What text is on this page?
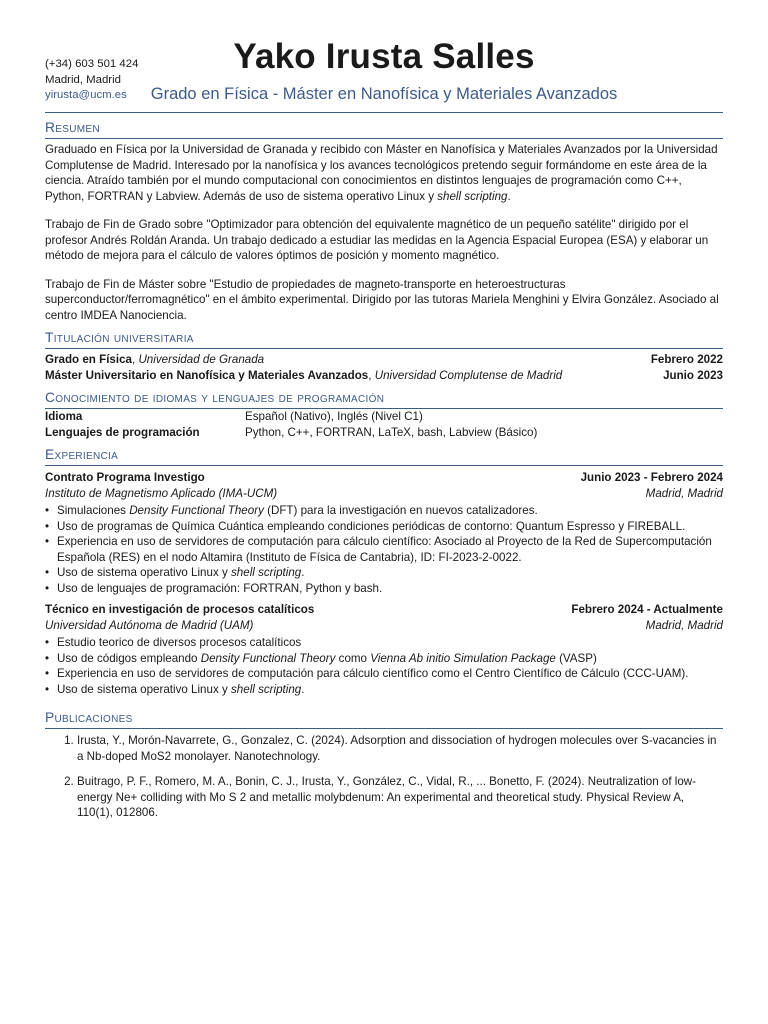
(+34) 603 501 424
Madrid, Madrid
yirusta@ucm.es
Yako Irusta Salles
Grado en Física - Máster en Nanofísica y Materiales Avanzados
Resumen

Graduado en Física por la Universidad de Granada y recibido con Máster en Nanofísica y Materiales Avanzados por la Universidad Complutense de Madrid. Interesado por la nanofísica y los avances tecnológicos pretendo seguir formándome en este área de la ciencia. Atraído también por el mundo computacional con conocimientos en distintos lenguajes de programación como C++, Python, FORTRAN y Labview. Además de uso de sistema operativo Linux y shell scripting.

Trabajo de Fin de Grado sobre "Optimizador para obtención del equivalente magnético de un pequeño satélite" dirigido por el profesor Andrés Roldán Aranda. Un trabajo dedicado a estudiar las medidas en la Agencia Espacial Europea (ESA) y elaborar un método de mejora para el cálculo de valores óptimos de posición y momento magnético.

Trabajo de Fin de Máster sobre "Estudio de propiedades de magneto-transporte en heteroestructuras superconductor/ferromagnético" en el ámbito experimental. Dirigido por las tutoras Mariela Menghini y Elvira González. Asociado al centro IMDEA Nanociencia.

Titulación universitaria
Grado en Física, Universidad de Granada	Febrero 2022
Máster Universitario en Nanofísica y Materiales Avanzados, Universidad Complutense de Madrid	Junio 2023
Conocimiento de idiomas y lenguajes de programación
Idioma	Español (Nativo), Inglés (Nivel C1)
Lenguajes de programación	Python, C++, FORTRAN, LaTeX, bash, Labview (Básico)
Experiencia
Contrato Programa Investigo	Junio 2023 - Febrero 2024
Instituto de Magnetismo Aplicado (IMA-UCM)	Madrid, Madrid
• Simulaciones Density Functional Theory (DFT) para la investigación en nuevos catalizadores.
• Uso de programas de Química Cuántica empleando condiciones periódicas de contorno: Quantum Espresso y FIREBALL.
• Experiencia en uso de servidores de computación para cálculo científico: Asociado al Proyecto de la Red de Supercomputación Española (RES) en el nodo Altamira (Instituto de Física de Cantabria), ID: FI-2023-2-0022.
• Uso de sistema operativo Linux y shell scripting.
• Uso de lenguajes de programación: FORTRAN, Python y bash.
Técnico en investigación de procesos catalíticos	Febrero 2024 - Actualmente
Universidad Autónoma de Madrid (UAM)	Madrid, Madrid
• Estudio teorico de diversos procesos catalíticos
• Uso de códigos empleando Density Functional Theory como Vienna Ab initio Simulation Package (VASP)
• Experiencia en uso de servidores de computación para cálculo científico como el Centro Científico de Cálculo (CCC-UAM).
• Uso de sistema operativo Linux y shell scripting.
Publicaciones
1. Irusta, Y., Morón-Navarrete, G., Gonzalez, C. (2024). Adsorption and dissociation of hydrogen molecules over S-vacancies in a Nb-doped MoS2 monolayer. Nanotechnology.
2. Buitrago, P. F., Romero, M. A., Bonin, C. J., Irusta, Y., González, C., Vidal, R., ... Bonetto, F. (2024). Neutralization of low-energy Ne+ colliding with Mo S 2 and metallic molybdenum: An experimental and theoretical study. Physical Review A, 110(1), 012806.
